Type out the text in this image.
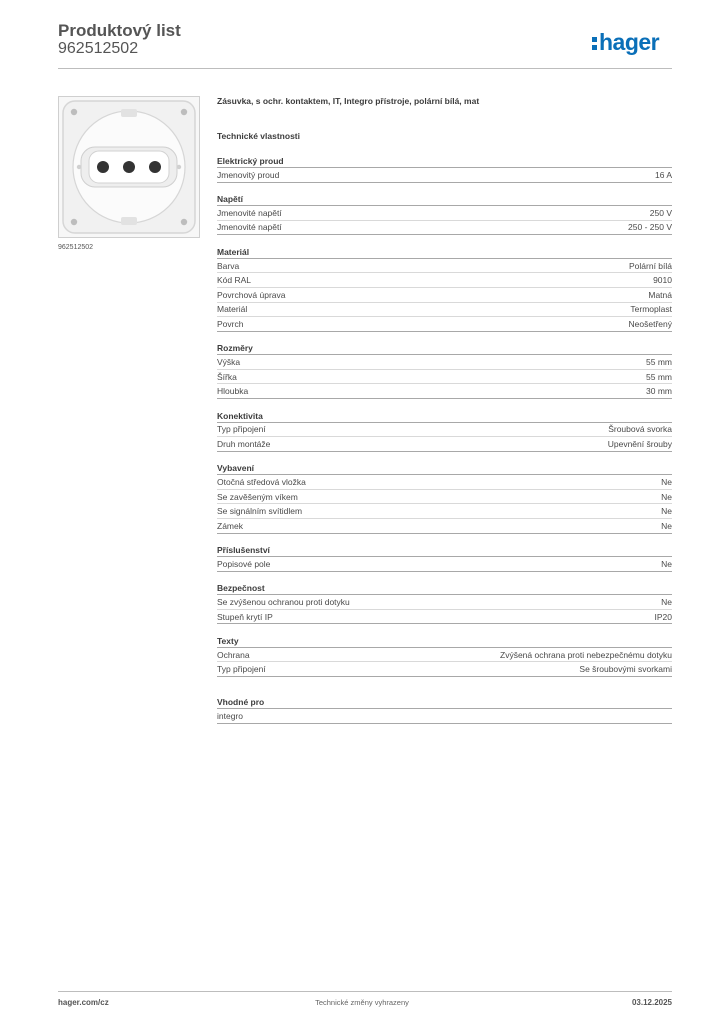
Produktový list
962512502	hager
962512502
Zásuvka, s ochr. kontaktem, IT, Integro přístroje, polární bílá, mat
Technické vlastnosti
Elektrický proud
Jmenovitý proud	16 A
Napětí
Jmenovité napětí	250 V
Jmenovité napětí	250 - 250 V
Materiál
Barva	Polární bílá
Kód RAL	9010
Povrchová úprava	Matná
Materiál	Termoplast
Povrch	Neošetřený
Rozměry
Výška	55 mm
Šířka	55 mm
Hloubka	30 mm
Konektivita
Typ připojení	Šroubová svorka
Druh montáže	Upevnění šrouby
Vybavení
Otočná středová vložka	Ne
Se zavěšeným víkem	Ne
Se signálním svítidlem	Ne
Zámek	Ne
Příslušenství
Popisové pole	Ne
Bezpečnost
Se zvýšenou ochranou proti dotyku	Ne
Stupeň krytí IP	IP20
Texty
Ochrana	Zvýšená ochrana proti nebezpečnému dotyku
Typ připojení	Se šroubovými svorkami
Vhodné pro
integro
hager.com/cz	Technické změny vyhrazeny	03.12.2025
